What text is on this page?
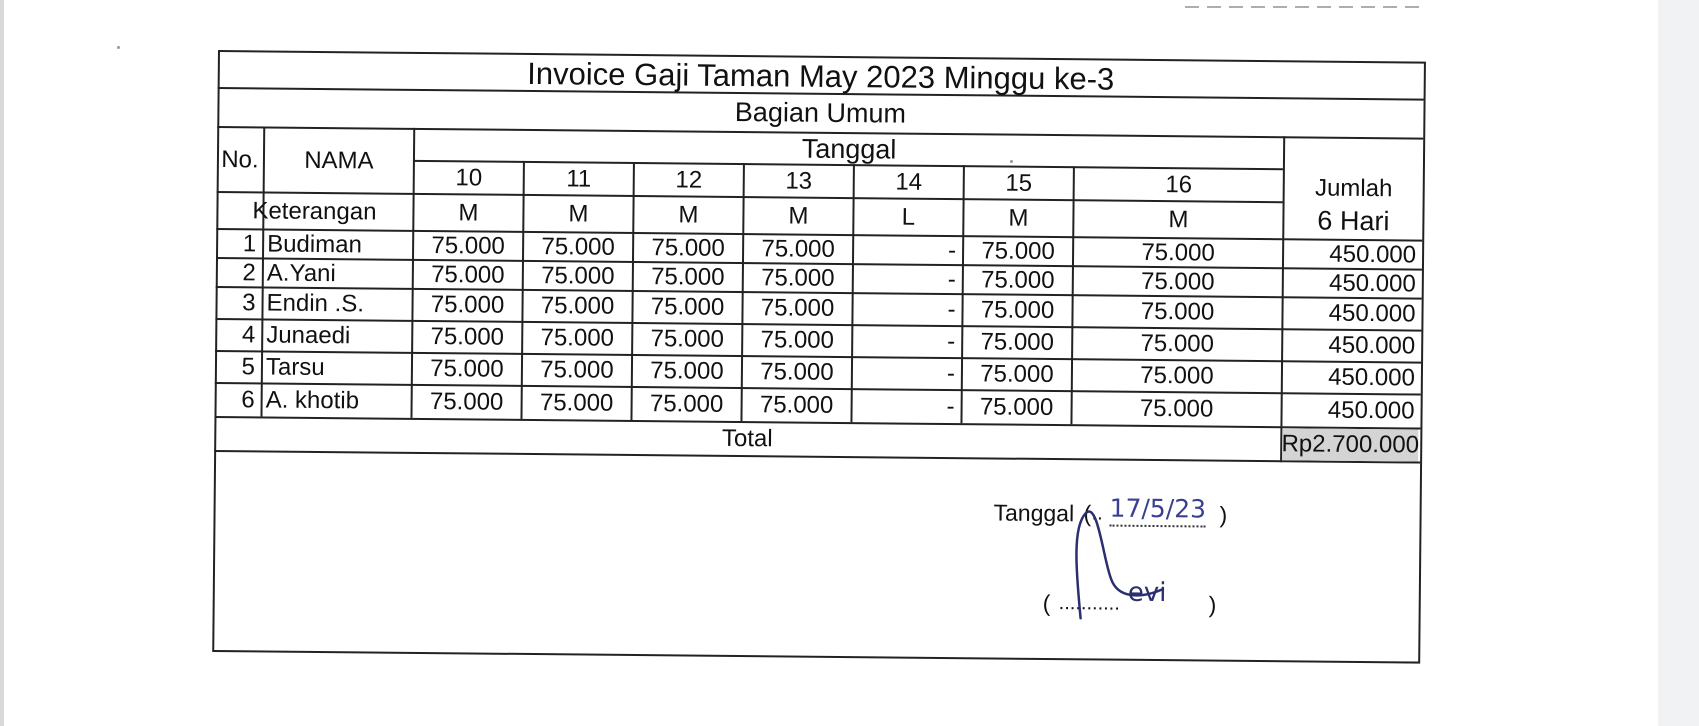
Invoice Gaji Taman May 2023 Minggu ke-3
Bagian Umum
No.	NAMA	Tanggal
Jumlah
10	11	12	13	14	15	16
Keterangan	M	M	M	M	L	M	M	6 Hari
1 Budiman	75.000	75.000	75.000	75.000	-	75.000	75.000	450.000
2 A.Yani	75.000	75.000	75.000	75.000	-	75.000	75.000	450.000
3 Endin .S.	75.000	75.000	75.000	75.000	-	75.000	75.000	450.000
4 Junaedi	75.000	75.000	75.000	75.000	-	75.000	75.000	450.000
5 Tarsu	75.000	75.000	75.000	75.000	-	75.000	75.000	450.000
6 A. khotib	75.000	75.000	75.000	75.000	-	75.000	75.000	450.000
Total	Rp2.700.000
Tanggal ( .. 17/5/23 )
( ...........	)
evi
